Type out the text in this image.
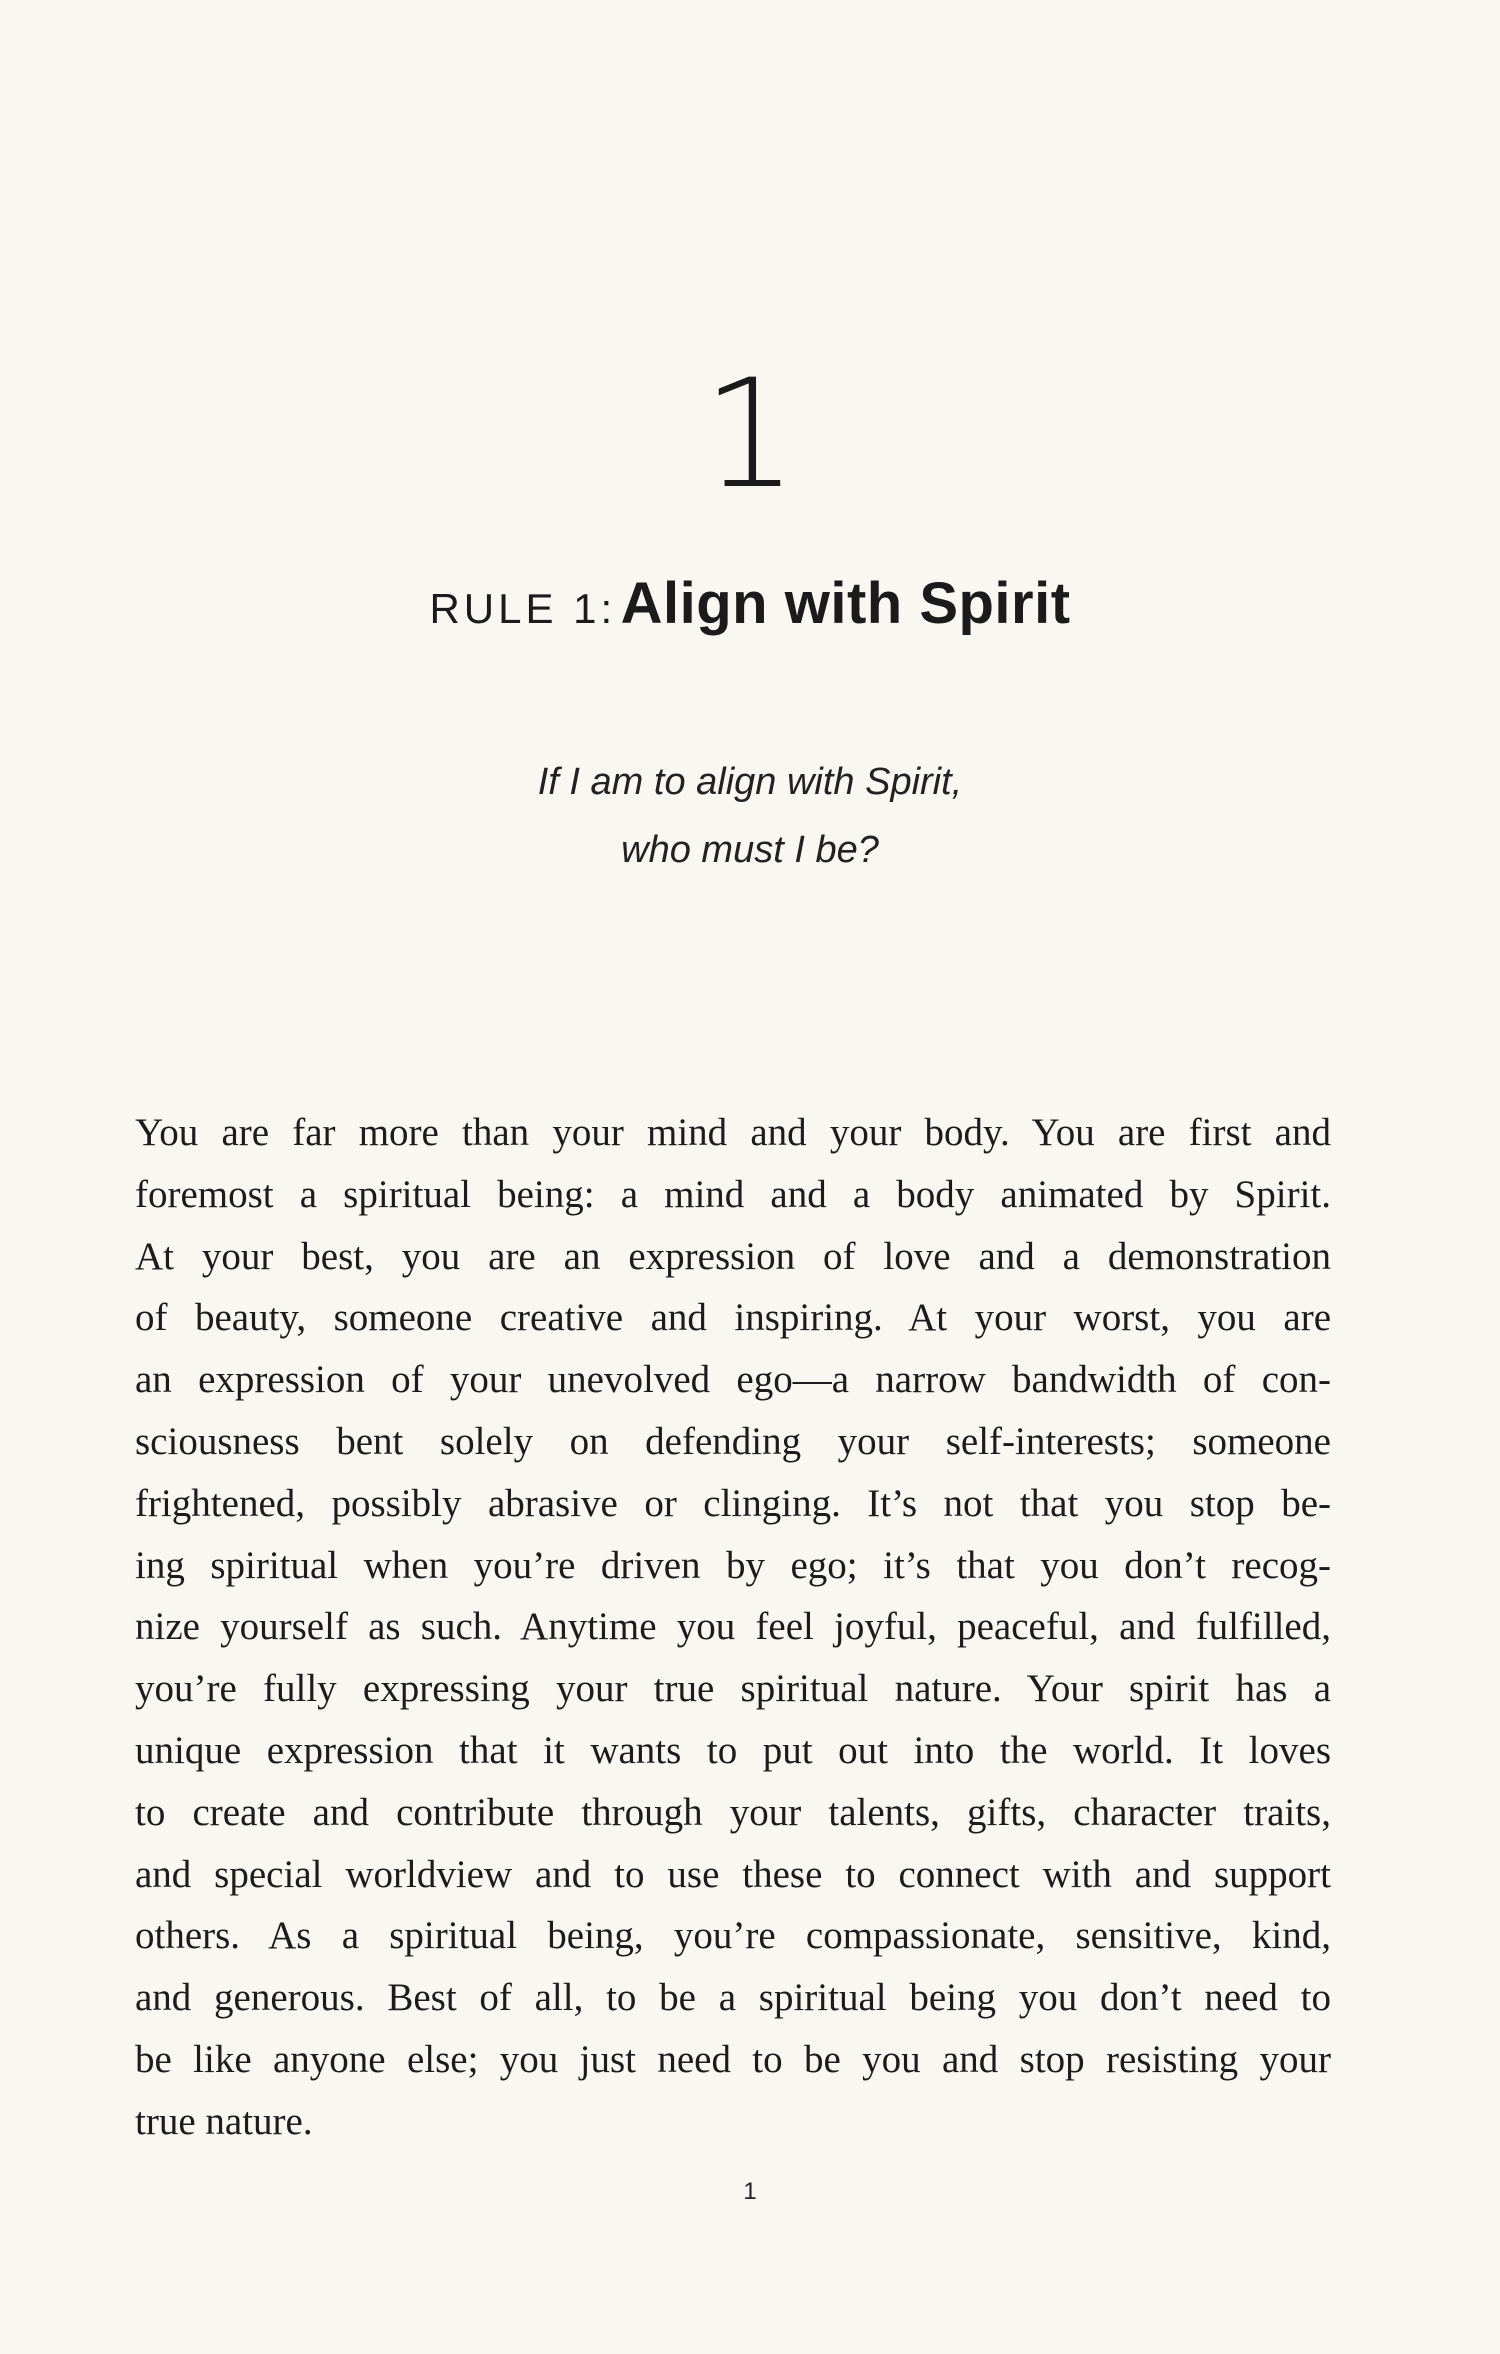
1
RULE 1: Align with Spirit
If I am to align with Spirit,
who must I be?
You are far more than your mind and your body. You are first and
foremost a spiritual being: a mind and a body animated by Spirit.
At your best, you are an expression of love and a demonstration
of beauty, someone creative and inspiring. At your worst, you are
an expression of your unevolved ego—a narrow bandwidth of con-
sciousness bent solely on defending your self-interests; someone
frightened, possibly abrasive or clinging. It’s not that you stop be-
ing spiritual when you’re driven by ego; it’s that you don’t recog-
nize yourself as such. Anytime you feel joyful, peaceful, and fulfilled,
you’re fully expressing your true spiritual nature. Your spirit has a
unique expression that it wants to put out into the world. It loves
to create and contribute through your talents, gifts, character traits,
and special worldview and to use these to connect with and support
others. As a spiritual being, you’re compassionate, sensitive, kind,
and generous. Best of all, to be a spiritual being you don’t need to
be like anyone else; you just need to be you and stop resisting your
true nature.
1
